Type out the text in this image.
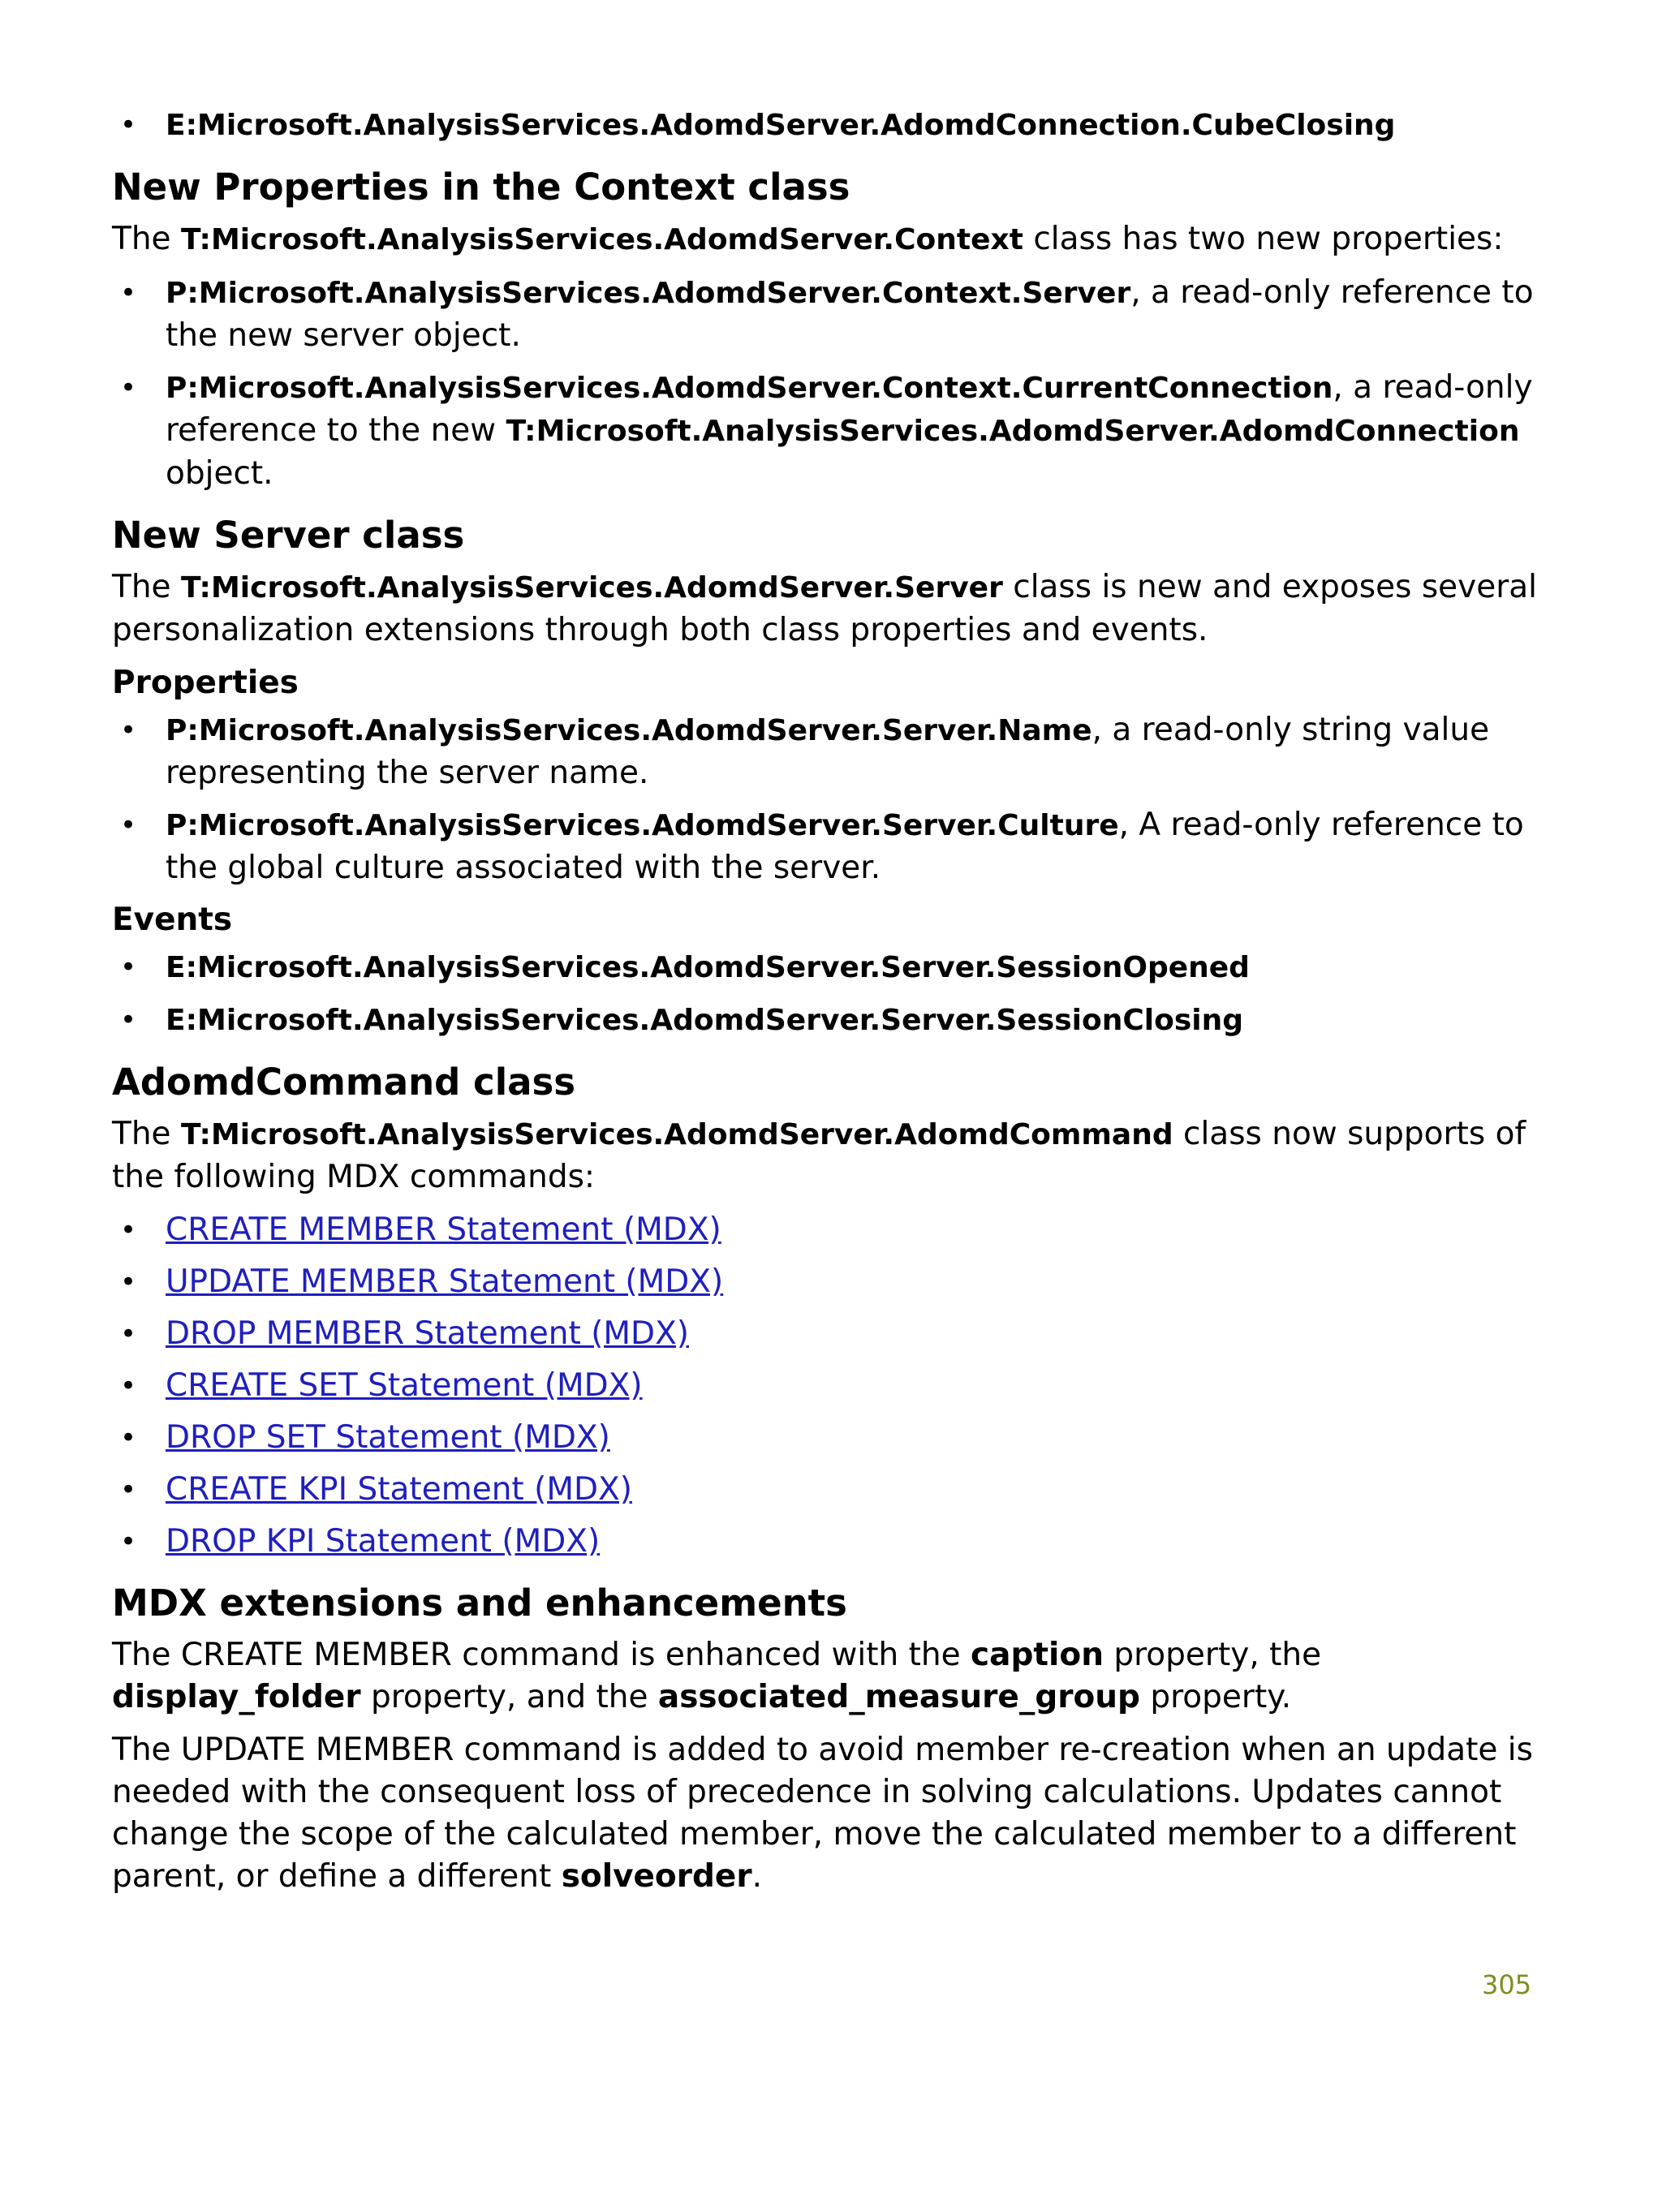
• E:Microsoft.AnalysisServices.AdomdServer.AdomdConnection.CubeClosing
New Properties in the Context class

The T:Microsoft.AnalysisServices.AdomdServer.Context class has two new properties:

• P:Microsoft.AnalysisServices.AdomdServer.Context.Server, a read-only reference to the new server object.
• P:Microsoft.AnalysisServices.AdomdServer.Context.CurrentConnection, a read-only reference to the new T:Microsoft.AnalysisServices.AdomdServer.AdomdConnection object.
New Server class

The T:Microsoft.AnalysisServices.AdomdServer.Server class is new and exposes several personalization extensions through both class properties and events.

Properties
• P:Microsoft.AnalysisServices.AdomdServer.Server.Name, a read-only string value representing the server name.
• P:Microsoft.AnalysisServices.AdomdServer.Server.Culture, A read-only reference to the global culture associated with the server.
Events
• E:Microsoft.AnalysisServices.AdomdServer.Server.SessionOpened
• E:Microsoft.AnalysisServices.AdomdServer.Server.SessionClosing
AdomdCommand class

The T:Microsoft.AnalysisServices.AdomdServer.AdomdCommand class now supports of the following MDX commands:

• CREATE MEMBER Statement (MDX)
• UPDATE MEMBER Statement (MDX)
• DROP MEMBER Statement (MDX)
• CREATE SET Statement (MDX)
• DROP SET Statement (MDX)
• CREATE KPI Statement (MDX)
• DROP KPI Statement (MDX)
MDX extensions and enhancements

The CREATE MEMBER command is enhanced with the caption property, the display_folder property, and the associated_measure_group property.

The UPDATE MEMBER command is added to avoid member re-creation when an update is needed with the consequent loss of precedence in solving calculations. Updates cannot change the scope of the calculated member, move the calculated member to a different parent, or define a different solveorder.

305
